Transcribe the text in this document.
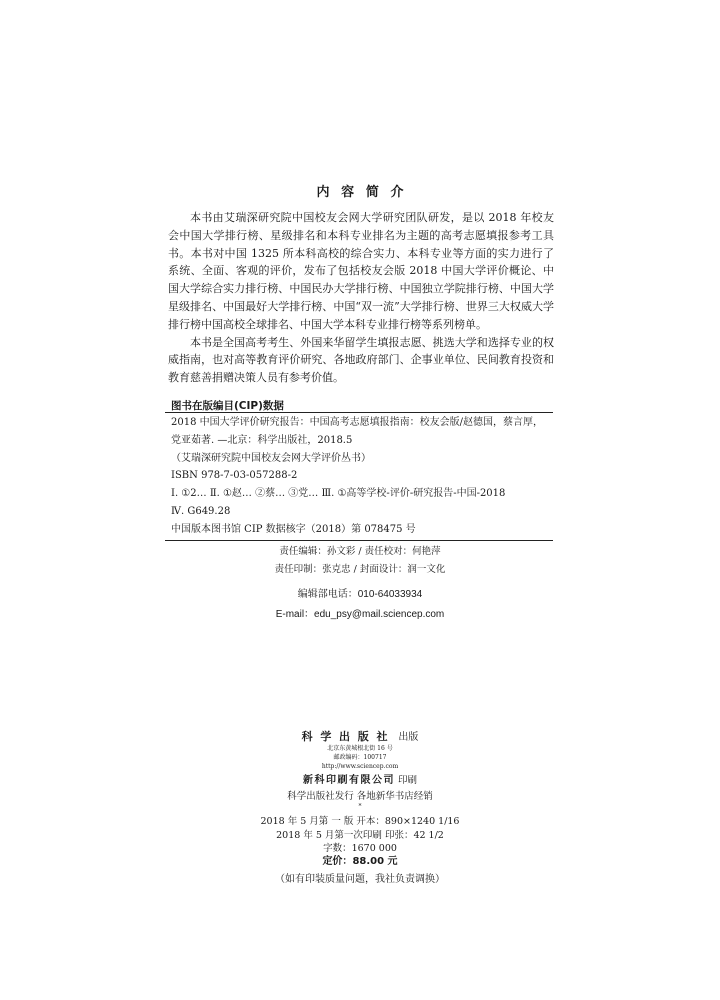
内容简介

本书由艾瑞深研究院中国校友会网大学研究团队研发，是以 2018 年校友会中国大学排行榜、星级排名和本科专业排名为主题的高考志愿填报参考工具书。本书对中国 1325 所本科高校的综合实力、本科专业等方面的实力进行了系统、全面、客观的评价，发布了包括校友会版 2018 中国大学评价概论、中国大学综合实力排行榜、中国民办大学排行榜、中国独立学院排行榜、中国大学星级排名、中国最好大学排行榜、中国“双一流”大学排行榜、世界三大权威大学排行榜中国高校全球排名、中国大学本科专业排行榜等系列榜单。

本书是全国高考考生、外国来华留学生填报志愿、挑选大学和选择专业的权威指南，也对高等教育评价研究、各地政府部门、企事业单位、民间教育投资和教育慈善捐赠决策人员有参考价值。

图书在版编目(CIP)数据
2018 中国大学评价研究报告：中国高考志愿填报指南：校友会版/赵德国，蔡言厚，
党亚茹著. —北京：科学出版社，2018.5
（艾瑞深研究院中国校友会网大学评价丛书）
ISBN 978-7-03-057288-2
Ⅰ. ①2… Ⅱ. ①赵… ②蔡… ③党… Ⅲ. ①高等学校-评价-研究报告-中国-2018
Ⅳ. G649.28
中国版本图书馆 CIP 数据核字（2018）第 078475 号
责任编辑：孙文彩 / 责任校对：何艳萍
责任印制：张克忠 / 封面设计：润一文化
编辑部电话：010-64033934
E-mail：edu_psy@mail.sciencep.com
科学出版社 出版
北京东黄城根北街 16 号
邮政编码：100717
http://www.sciencep.com
新科印刷有限公司 印刷
科学出版社发行 各地新华书店经销
*
2018 年 5 月第 一 版 开本：890×1240 1/16
2018 年 5 月第一次印刷 印张：42 1/2
字数：1670 000
定价：88.00 元
（如有印装质量问题，我社负责调换）
